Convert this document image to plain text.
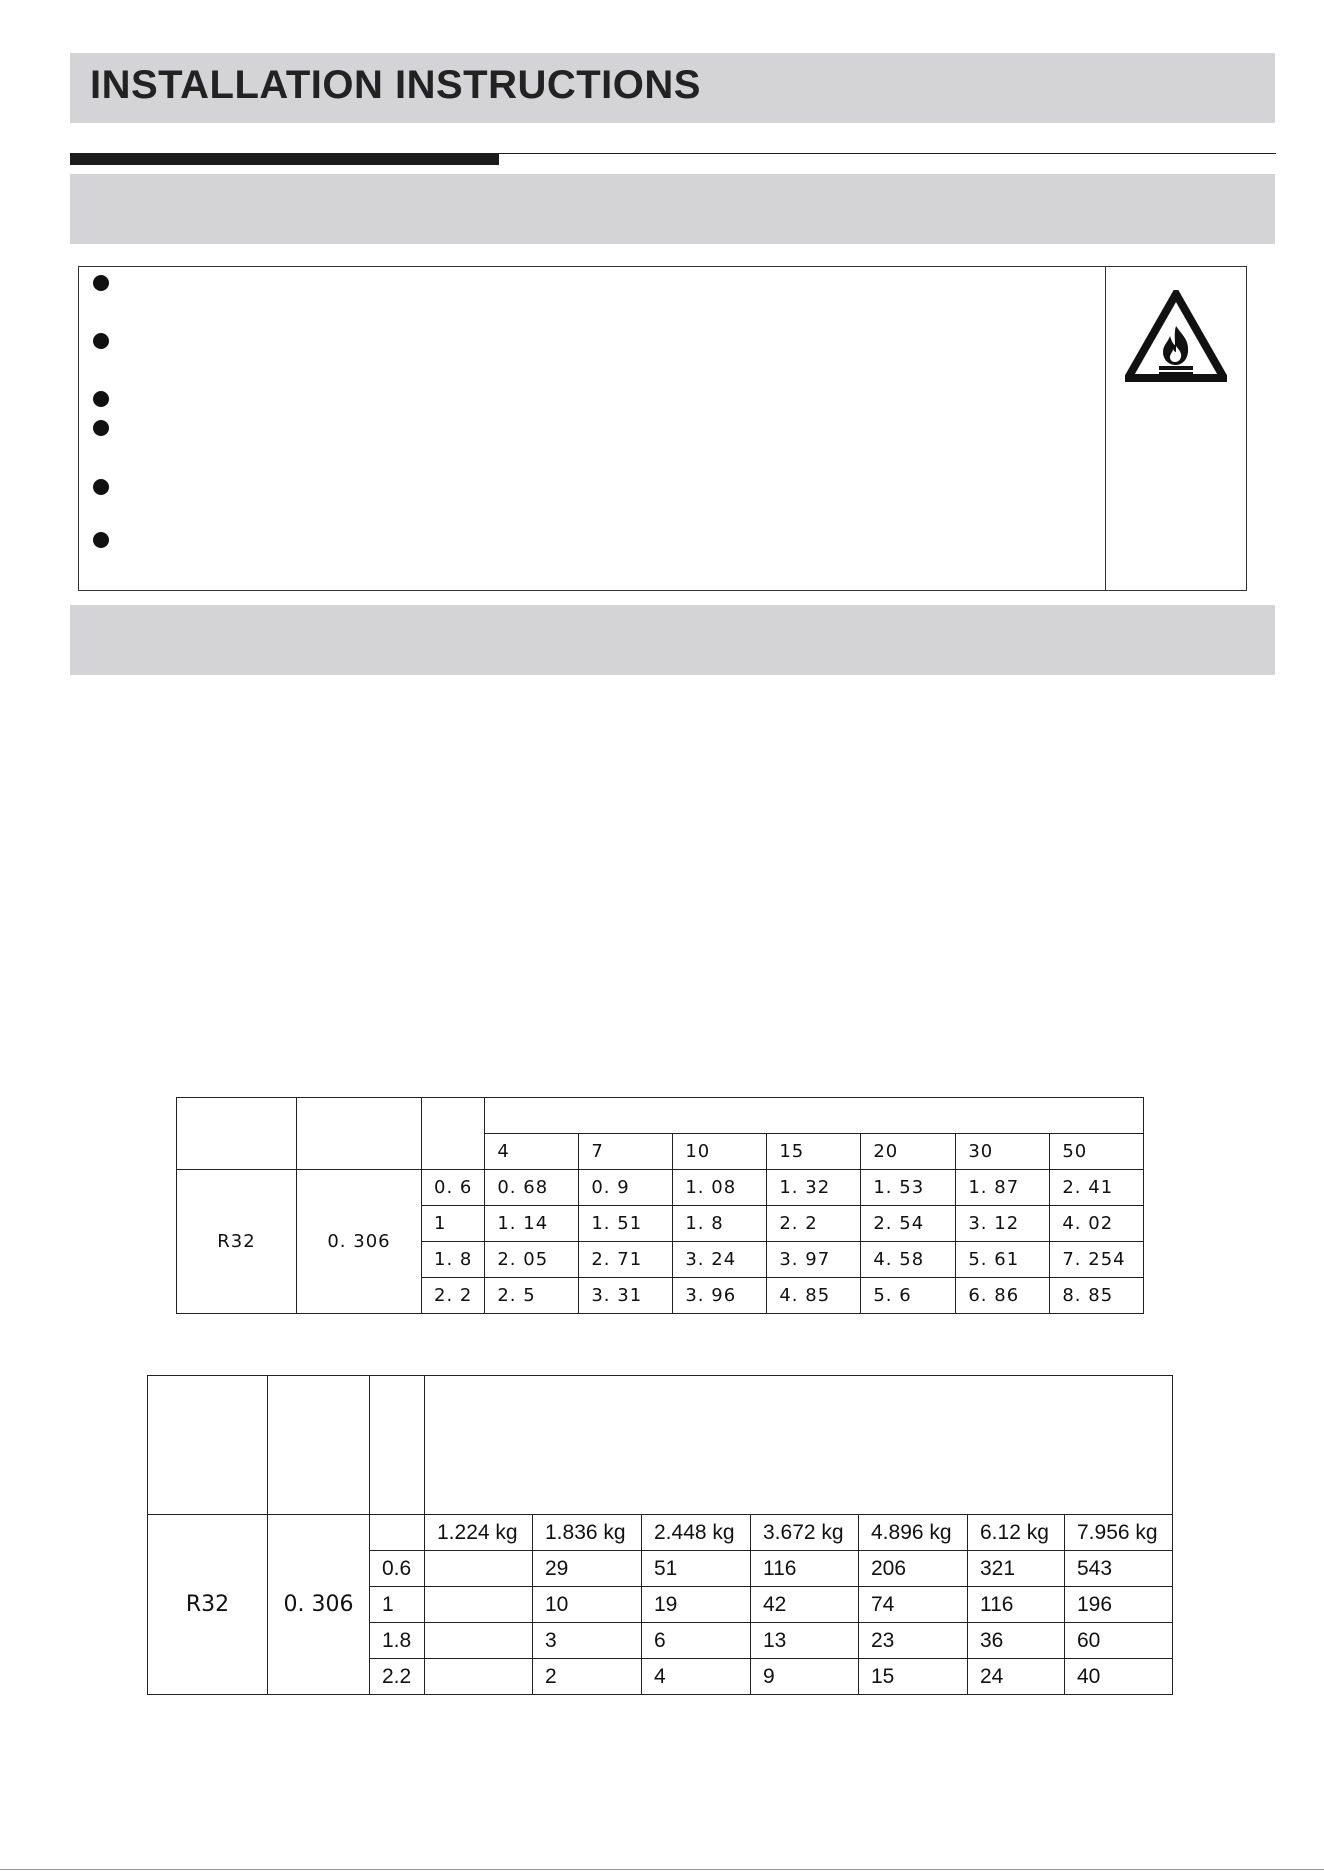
INSTALLATION INSTRUCTIONS

			4	7	10	15	20	30	50
R32	0. 306	0. 6	0. 68	0. 9	1. 08	1. 32	1. 53	1. 87	2. 41
		1	1. 14	1. 51	1. 8	2. 2	2. 54	3. 12	4. 02
		1. 8	2. 05	2. 71	3. 24	3. 97	4. 58	5. 61	7. 254
		2. 2	2. 5	3. 31	3. 96	4. 85	5. 6	6. 86	8. 85

R32	0. 306		1.224 kg	1.836 kg	2.448 kg	3.672 kg	4.896 kg	6.12 kg	7.956 kg
		0.6		29	51	116	206	321	543
		1		10	19	42	74	116	196
		1.8		3	6	13	23	36	60
		2.2		2	4	9	15	24	40
